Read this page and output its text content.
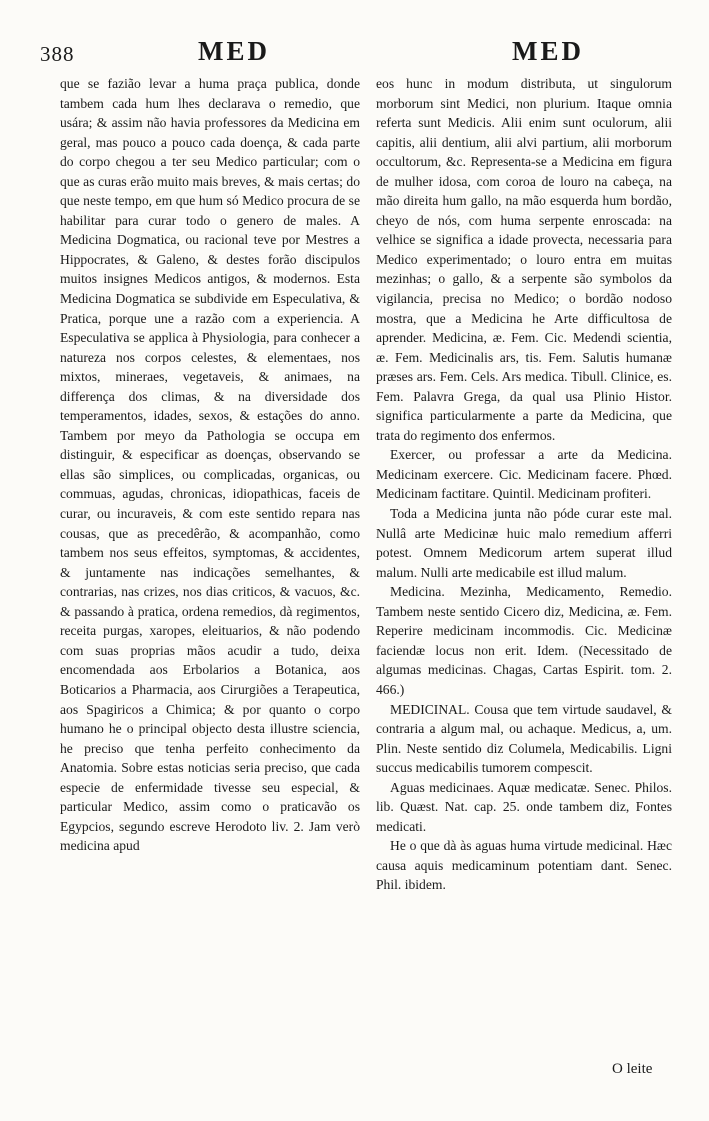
388	MED	MED

que se fazião levar a huma praça publica, donde tambem cada hum lhes declarava o remedio, que usára; & assim não havia professores da Medicina em geral, mas pouco a pouco cada doença, & cada parte do corpo chegou a ter seu Medico particular; com o que as curas erão muito mais breves, & mais certas; do que neste tempo, em que hum só Medico procura de se habilitar para curar todo o genero de males. A Medicina Dogmatica, ou racional teve por Mestres a Hippocrates, & Galeno, & destes forão discipulos muitos insignes Medicos antigos, & modernos. Esta Medicina Dogmatica se subdivide em Especulativa, & Pratica, porque une a razão com a experiencia. A Especulativa se applica à Physiologia, para conhecer a natureza nos corpos celestes, & elementaes, nos mixtos, mineraes, vegetaveis, & animaes, na differença dos climas, & na diversidade dos temperamentos, idades, sexos, & estações do anno. Tambem por meyo da Pathologia se occupa em distinguir, & especificar as doenças, observando se ellas são simplices, ou complicadas, organicas, ou commuas, agudas, chronicas, idiopathicas, faceis de curar, ou incuraveis, & com este sentido repara nas cousas, que as precedêrão, & acompanhão, como tambem nos seus effeitos, symptomas, & accidentes, & juntamente nas indicações semelhantes, & contrarias, nas crizes, nos dias criticos, & vacuos, &c. & passando à pratica, ordena remedios, dà regimentos, receita purgas, xaropes, eleituarios, & não podendo com suas proprias mãos acudir a tudo, deixa encomendada aos Erbolarios a Botanica, aos Boticarios a Pharmacia, aos Cirurgiões a Terapeutica, aos Spagiricos a Chimica; & por quanto o corpo humano he o principal objecto desta illustre sciencia, he preciso que tenha perfeito conhecimento da Anatomia. Sobre estas noticias seria preciso, que cada especie de enfermidade tivesse seu especial, & particular Medico, assim como o praticavão os Egypcios, segundo escreve Herodoto liv. 2. Jam verò medicina apud

eos hunc in modum distributa, ut singulorum morborum sint Medici, non plurium. Itaque omnia referta sunt Medicis. Alii enim sunt oculorum, alii capitis, alii dentium, alii alvi partium, alii morborum occultorum, &c. Representa-se a Medicina em figura de mulher idosa, com coroa de louro na cabeça, na mão direita hum gallo, na mão esquerda hum bordão, cheyo de nós, com huma serpente enroscada: na velhice se significa a idade provecta, necessaria para Medico experimentado; o louro entra em muitas mezinhas; o gallo, & a serpente são symbolos da vigilancia, precisa no Medico; o bordão nodoso mostra, que a Medicina he Arte difficultosa de aprender. Medicina, æ. Fem. Cic. Medendi scientia, æ. Fem. Medicinalis ars, tis. Fem. Salutis humanæ præses ars. Fem. Cels. Ars medica. Tibull. Clinice, es. Fem. Palavra Grega, da qual usa Plinio Histor. significa particularmente a parte da Medicina, que trata do regimento dos enfermos.

Exercer, ou professar a arte da Medicina. Medicinam exercere. Cic. Medicinam facere. Phœd. Medicinam factitare. Quintil. Medicinam profiteri.

Toda a Medicina junta não póde curar este mal. Nullâ arte Medicinæ huic malo remedium afferri potest. Omnem Medicorum artem superat illud malum. Nulli arte medicabile est illud malum.

Medicina. Mezinha, Medicamento, Remedio. Tambem neste sentido Cicero diz, Medicina, æ. Fem. Reperire medicinam incommodis. Cic. Medicinæ faciendæ locus non erit. Idem. (Necessitado de algumas medicinas. Chagas, Cartas Espirit. tom. 2. 466.)

MEDICINAL. Cousa que tem virtude saudavel, & contraria a algum mal, ou achaque. Medicus, a, um. Plin. Neste sentido diz Columela, Medicabilis. Ligni succus medicabilis tumorem compescit.

Aguas medicinaes. Aquæ medicatæ. Senec. Philos. lib. Quæst. Nat. cap. 25. onde tambem diz, Fontes medicati.

He o que dà às aguas huma virtude medicinal. Hæc causa aquis medicaminum potentiam dant. Senec. Phil. ibidem.

O leite
